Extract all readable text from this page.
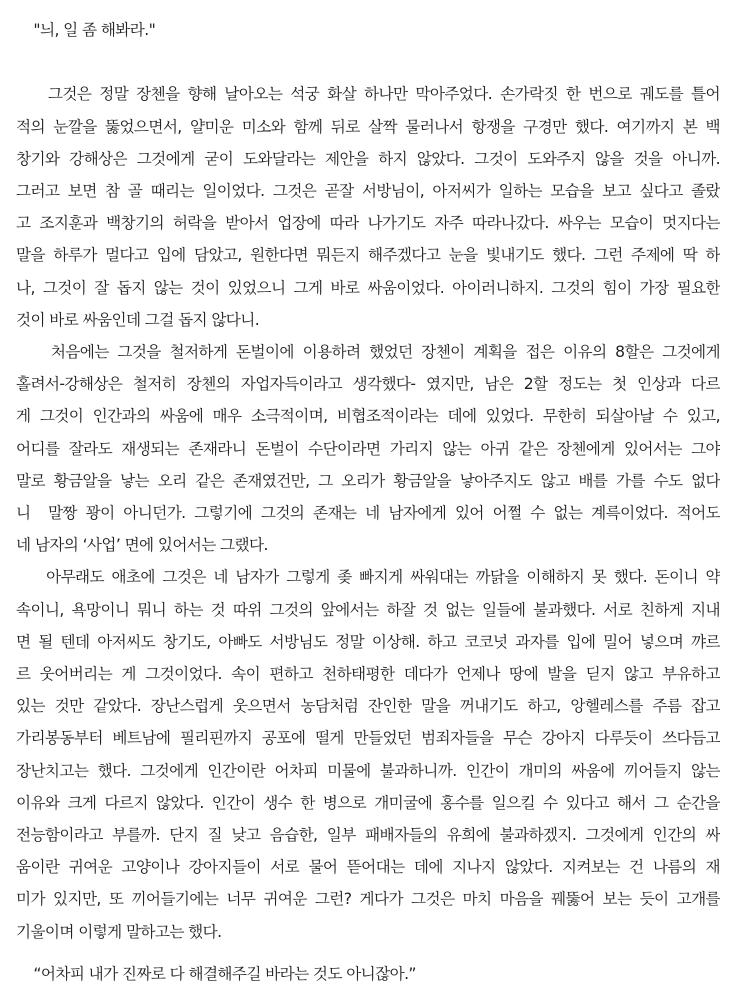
"늬, 일 좀 해봐라."
그것은 정말 장첸을 향해 날아오는 석궁 화살 하나만 막아주었다. 손가락짓 한 번으로 궤도를 틀어
적의 눈깔을 뚫었으면서, 얄미운 미소와 함께 뒤로 살짝 물러나서 항쟁을 구경만 했다. 여기까지 본 백
창기와 강해상은 그것에게 굳이 도와달라는 제안을 하지 않았다. 그것이 도와주지 않을 것을 아니까.
그러고 보면 참 골 때리는 일이었다. 그것은 곧잘 서방님이, 아저씨가 일하는 모습을 보고 싶다고 졸랐
고 조지훈과 백창기의 허락을 받아서 업장에 따라 나가기도 자주 따라나갔다. 싸우는 모습이 멋지다는
말을 하루가 멀다고 입에 담았고, 원한다면 뭐든지 해주겠다고 눈을 빛내기도 했다. 그런 주제에 딱 하
나, 그것이 잘 돕지 않는 것이 있었으니 그게 바로 싸움이었다. 아이러니하지. 그것의 힘이 가장 필요한
것이 바로 싸움인데 그걸 돕지 않다니.
처음에는 그것을 철저하게 돈벌이에 이용하려 했었던 장첸이 계획을 접은 이유의 8할은 그것에게
홀려서-강해상은 철저히 장첸의 자업자득이라고 생각했다- 였지만, 남은 2할 정도는 첫 인상과 다르
게 그것이 인간과의 싸움에 매우 소극적이며, 비협조적이라는 데에 있었다. 무한히 되살아날 수 있고,
어디를 잘라도 재생되는 존재라니 돈벌이 수단이라면 가리지 않는 아귀 같은 장첸에게 있어서는 그야
말로 황금알을 낳는 오리 같은 존재였건만, 그 오리가 황금알을 낳아주지도 않고 배를 가를 수도 없다
니  말짱 꽝이 아니던가. 그렇기에 그것의 존재는 네 남자에게 있어 어쩔 수 없는 계륵이었다. 적어도
네 남자의 ‘사업’ 면에 있어서는 그랬다.
아무래도 애초에 그것은 네 남자가 그렇게 좆 빠지게 싸워대는 까닭을 이해하지 못 했다. 돈이니 약
속이니, 욕망이니 뭐니 하는 것 따위 그것의 앞에서는 하잘 것 없는 일들에 불과했다. 서로 친하게 지내
면 될 텐데 아저씨도 창기도, 아빠도 서방님도 정말 이상해. 하고 코코넛 과자를 입에 밀어 넣으며 꺄르
르 웃어버리는 게 그것이었다. 속이 편하고 천하태평한 데다가 언제나 땅에 발을 딛지 않고 부유하고
있는 것만 같았다. 장난스럽게 웃으면서 농담처럼 잔인한 말을 꺼내기도 하고, 앙헬레스를 주름 잡고
가리봉동부터 베트남에 필리핀까지 공포에 떨게 만들었던 범죄자들을 무슨 강아지 다루듯이 쓰다듬고
장난치고는 했다. 그것에게 인간이란 어차피 미물에 불과하니까. 인간이 개미의 싸움에 끼어들지 않는
이유와 크게 다르지 않았다. 인간이 생수 한 병으로 개미굴에 홍수를 일으킬 수 있다고 해서 그 순간을
전능함이라고 부를까. 단지 질 낮고 음습한, 일부 패배자들의 유희에 불과하겠지. 그것에게 인간의 싸
움이란 귀여운 고양이나 강아지들이 서로 물어 뜯어대는 데에 지나지 않았다. 지켜보는 건 나름의 재
미가 있지만, 또 끼어들기에는 너무 귀여운 그런? 게다가 그것은 마치 마음을 꿰뚫어 보는 듯이 고개를
기울이며 이렇게 말하고는 했다.
“어차피 내가 진짜로 다 해결해주길 바라는 것도 아니잖아.”
